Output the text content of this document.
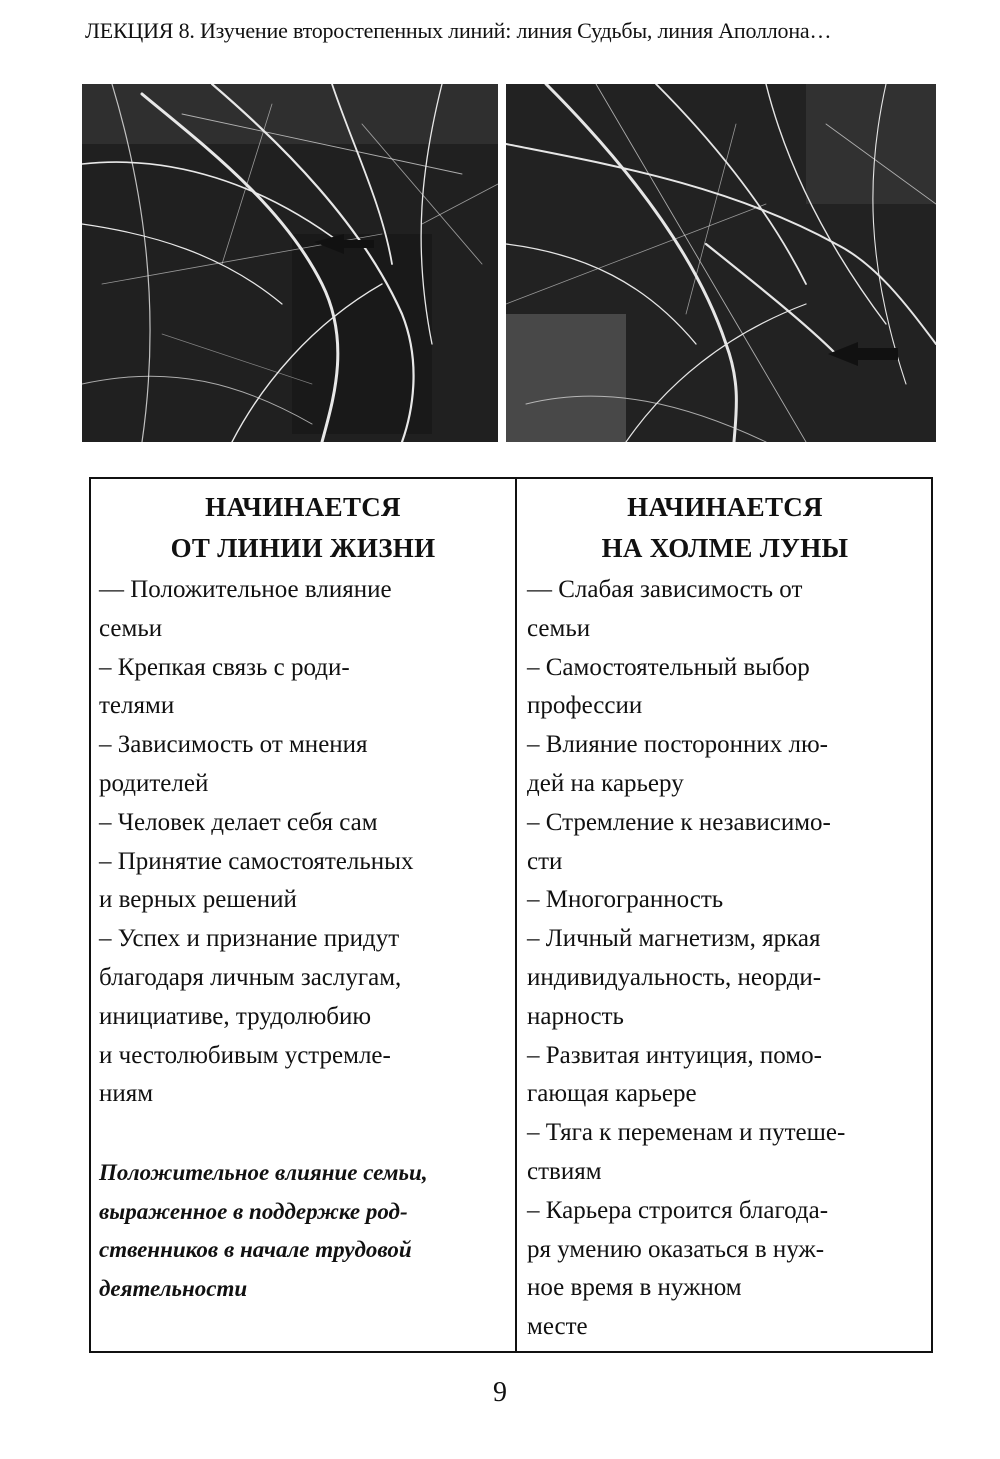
ЛЕКЦИЯ 8. Изучение второстепенных линий: линия Судьбы, линия Аполлона…
НАЧИНАЕТСЯ
ОТ ЛИНИИ ЖИЗНИ
— Положительное влияние
семьи
– Крепкая связь с роди-
телями
– Зависимость от мнения
родителей
– Человек делает себя сам
– Принятие самостоятельных
и верных решений
– Успех и признание придут
благодаря личным заслугам,
инициативе, трудолюбию
и честолюбивым устремле-
ниям
Положительное влияние семьи,
выраженное в поддержке род-
ственников в начале трудовой
деятельности
НАЧИНАЕТСЯ
НА ХОЛМЕ ЛУНЫ
— Слабая зависимость от
семьи
– Самостоятельный выбор
профессии
– Влияние посторонних лю-
дей на карьеру
– Стремление к независимо-
сти
– Многогранность
– Личный магнетизм, яркая
индивидуальность, неорди-
нарность
– Развитая интуиция, помо-
гающая карьере
– Тяга к переменам и путеше-
ствиям
– Карьера строится благода-
ря умению оказаться в нуж-
ное время в нужном
месте
9
